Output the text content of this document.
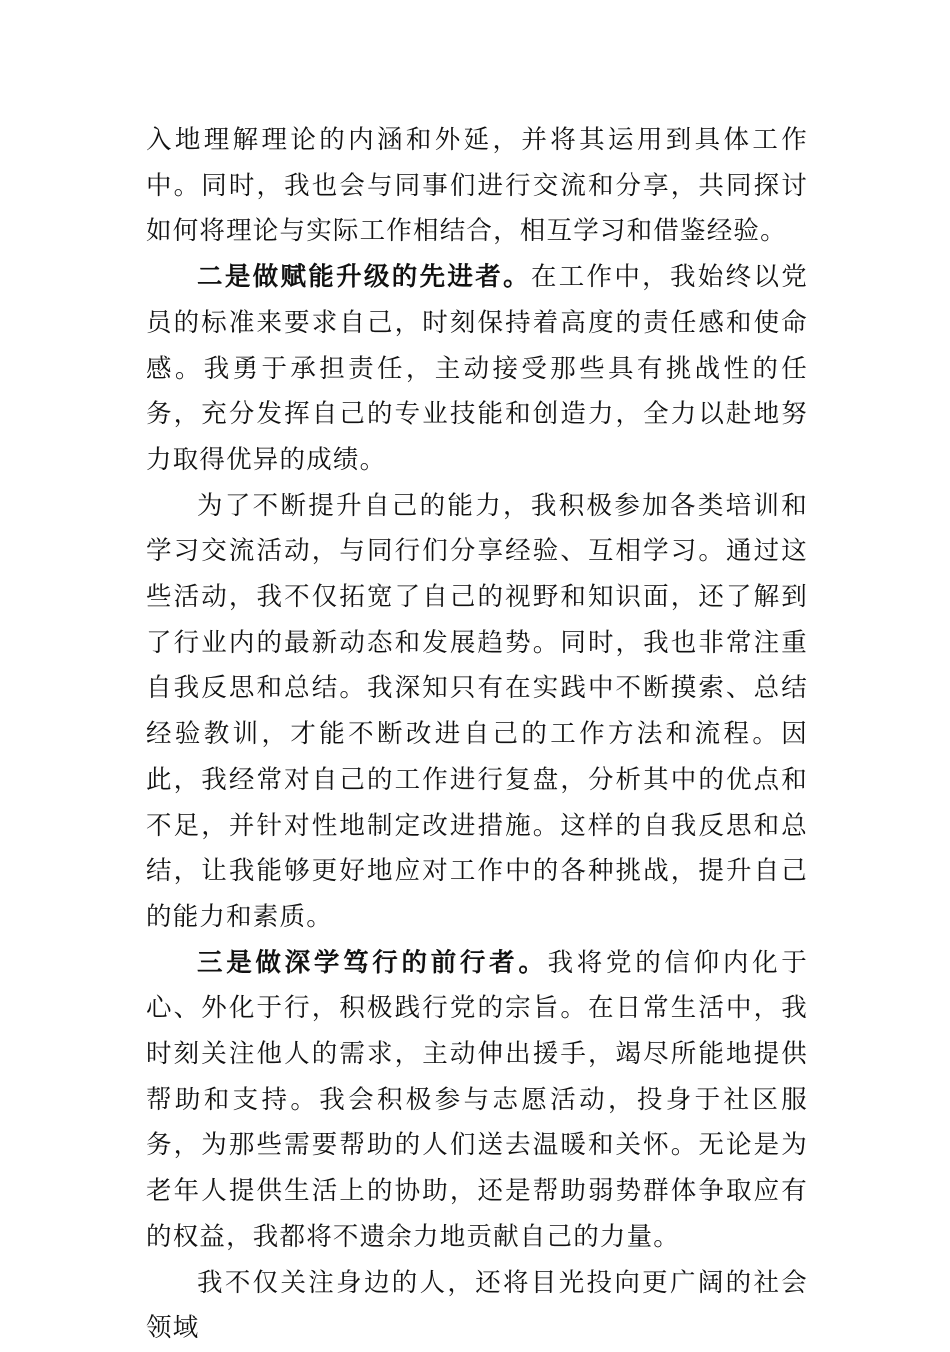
入地理解理论的内涵和外延，并将其运用到具体工作中。同时，我也会与同事们进行交流和分享，共同探讨如何将理论与实际工作相结合，相互学习和借鉴经验。

二是做赋能升级的先进者。在工作中，我始终以党员的标准来要求自己，时刻保持着高度的责任感和使命感。我勇于承担责任，主动接受那些具有挑战性的任务，充分发挥自己的专业技能和创造力，全力以赴地努力取得优异的成绩。

为了不断提升自己的能力，我积极参加各类培训和学习交流活动，与同行们分享经验、互相学习。通过这些活动，我不仅拓宽了自己的视野和知识面，还了解到了行业内的最新动态和发展趋势。同时，我也非常注重自我反思和总结。我深知只有在实践中不断摸索、总结经验教训，才能不断改进自己的工作方法和流程。因此，我经常对自己的工作进行复盘，分析其中的优点和不足，并针对性地制定改进措施。这样的自我反思和总结，让我能够更好地应对工作中的各种挑战，提升自己的能力和素质。

三是做深学笃行的前行者。我将党的信仰内化于心、外化于行，积极践行党的宗旨。在日常生活中，我时刻关注他人的需求，主动伸出援手，竭尽所能地提供帮助和支持。我会积极参与志愿活动，投身于社区服务，为那些需要帮助的人们送去温暖和关怀。无论是为老年人提供生活上的协助，还是帮助弱势群体争取应有的权益，我都将不遗余力地贡献自己的力量。

我不仅关注身边的人，还将目光投向更广阔的社会领域
